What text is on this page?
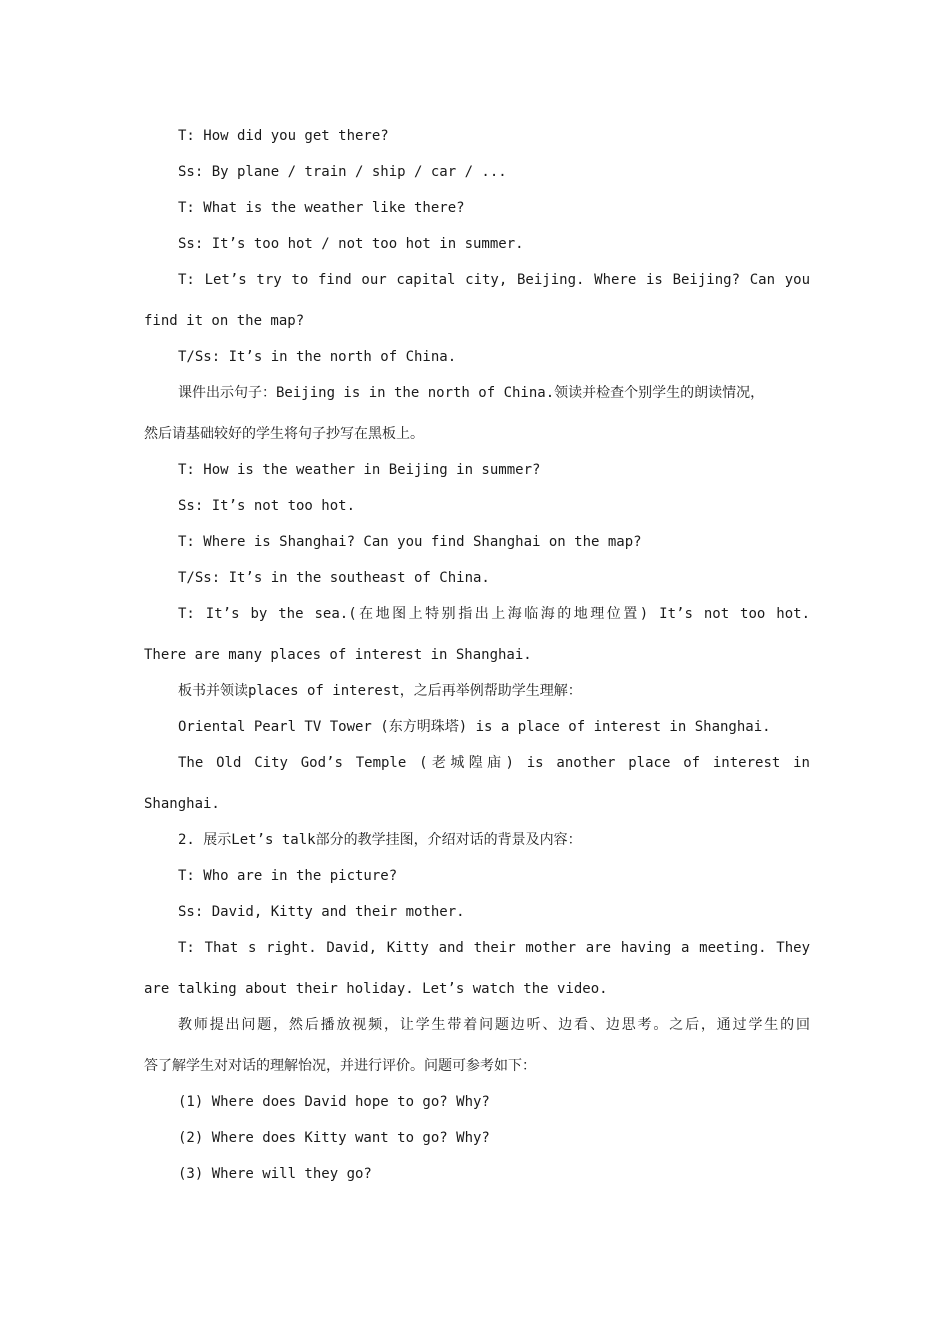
T: How did you get there?
Ss: By plane / train / ship / car / ...
T: What is the weather like there?
Ss: It’s too hot / not too hot in summer.
T: Let’s try to find our capital city, Beijing. Where is Beijing? Can you
find it on the map?
T/Ss: It’s in the north of China.
课件出示句子：Beijing is in the north of China.领读并检查个别学生的朗读情况，
然后请基础较好的学生将句子抄写在黑板上。
T: How is the weather in Beijing in summer?
Ss: It’s not too hot.
T: Where is Shanghai? Can you find Shanghai on the map?
T/Ss: It’s in the southeast of China.
T: It’s by the sea.(在地图上特别指出上海临海的地理位置) It’s not too hot.
There are many places of interest in Shanghai.
板书并领读places of interest，之后再举例帮助学生理解：
Oriental Pearl TV Tower (东方明珠塔) is a place of interest in Shanghai.
The Old City God’s Temple (老城隍庙) is another place of interest in
Shanghai.
2. 展示Let’s talk部分的教学挂图，介绍对话的背景及内容：
T: Who are in the picture?
Ss: David, Kitty and their mother.
T: That s right. David, Kitty and their mother are having a meeting. They
are talking about their holiday. Let’s watch the video.
教师提出问题，然后播放视频，让学生带着问题边听、边看、边思考。之后，通过学生的回
答了解学生对对话的理解怡况，并进行评价。问题可参考如下：
(1) Where does David hope to go? Why?
(2) Where does Kitty want to go? Why?
(3) Where will they go?
